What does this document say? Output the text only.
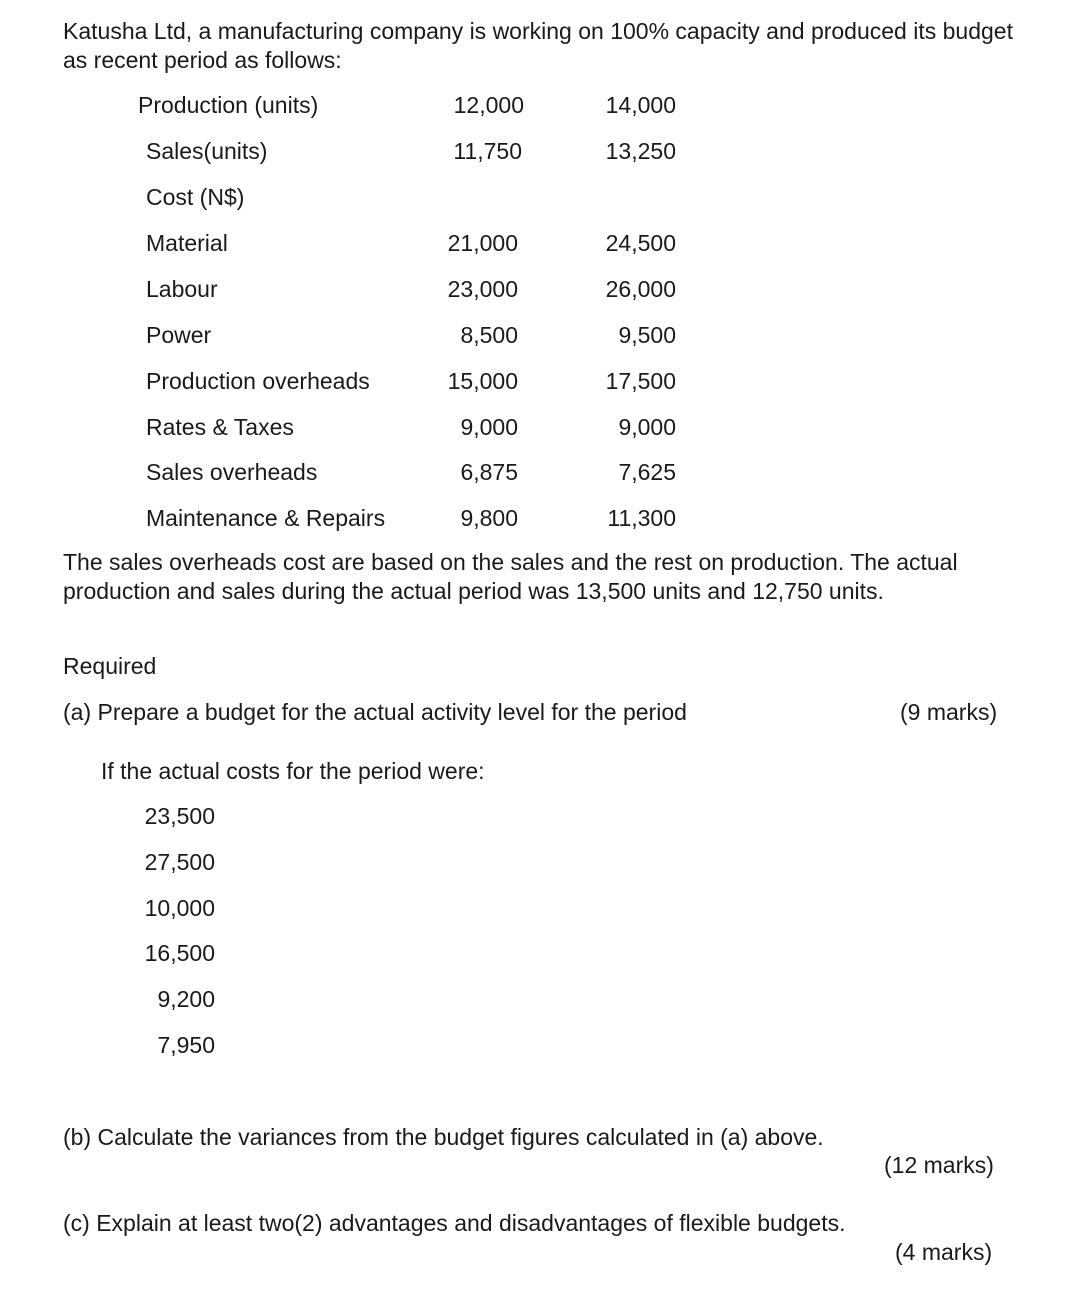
Katusha Ltd, a manufacturing company is working on 100% capacity and produced its budget as recent period as follows:
Production (units)	12,000	14,000
Sales(units)	11,750	13,250
Cost (N$)
Material	21,000	24,500
Labour	23,000	26,000
Power	8,500	9,500
Production overheads	15,000	17,500
Rates & Taxes	9,000	9,000
Sales overheads	6,875	7,625
Maintenance & Repairs	9,800	11,300
The sales overheads cost are based on the sales and the rest on production. The actual production and sales during the actual period was 13,500 units and 12,750 units.
Required
(a) Prepare a budget for the actual activity level for the period	(9 marks)
If the actual costs for the period were:
23,500
27,500
10,000
16,500
9,200
7,950
(b) Calculate the variances from the budget figures calculated in (a) above.
(12 marks)
(c) Explain at least two(2) advantages and disadvantages of flexible budgets.
(4 marks)
